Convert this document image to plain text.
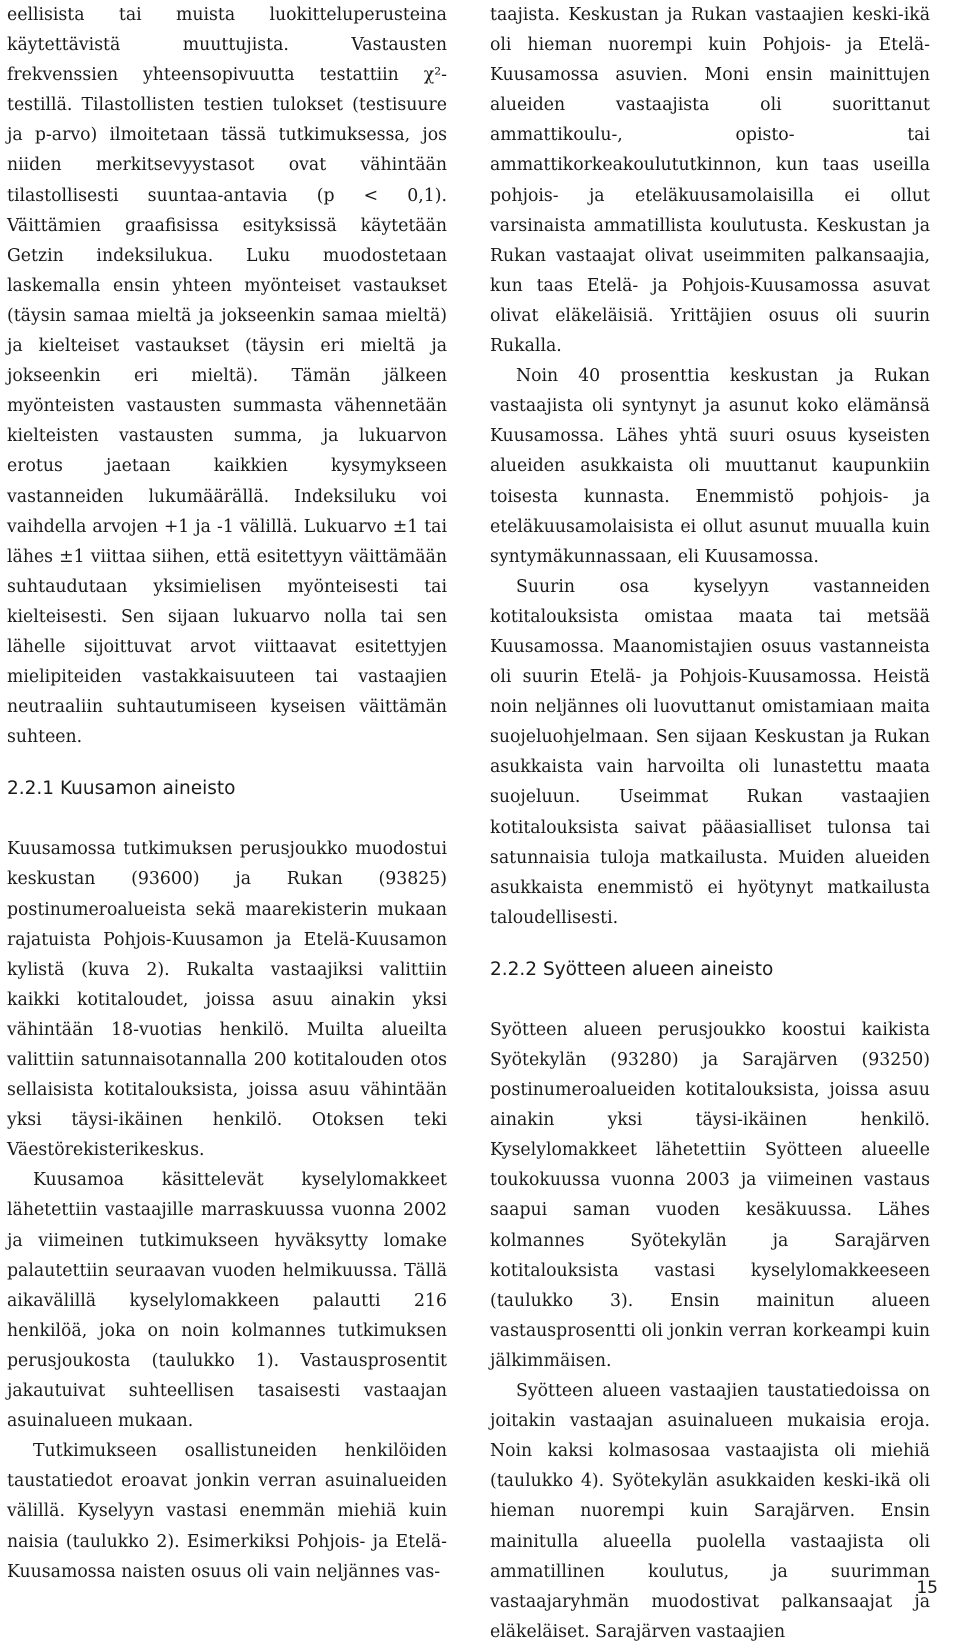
eellisista tai muista luokitteluperusteina käytettävistä muuttujista. Vastausten frekvenssien yhteensopivuutta testattiin χ²-testillä. Tilastollisten testien tulokset (testisuure ja p-arvo) ilmoitetaan tässä tutkimuksessa, jos niiden merkitsevyystasot ovat vähintään tilastollisesti suuntaa-antavia (p < 0,1). Väittämien graafisissa esityksissä käytetään Getzin indeksilukua. Luku muodostetaan laskemalla ensin yhteen myönteiset vastaukset (täysin samaa mieltä ja jokseenkin samaa mieltä) ja kielteiset vastaukset (täysin eri mieltä ja jokseenkin eri mieltä). Tämän jälkeen myönteisten vastausten summasta vähennetään kielteisten vastausten summa, ja lukuarvon erotus jaetaan kaikkien kysymykseen vastanneiden lukumäärällä. Indeksiluku voi vaihdella arvojen +1 ja -1 välillä. Lukuarvo ±1 tai lähes ±1 viittaa siihen, että esitettyyn väittämään suhtaudutaan yksimielisen myönteisesti tai kielteisesti. Sen sijaan lukuarvo nolla tai sen lähelle sijoittuvat arvot viittaavat esitettyjen mielipiteiden vastakkaisuuteen tai vastaajien neutraaliin suhtautumiseen kyseisen väittämän suhteen.

2.2.1 Kuusamon aineisto

Kuusamossa tutkimuksen perusjoukko muodostui keskustan (93600) ja Rukan (93825) postinumeroalueista sekä maarekisterin mukaan rajatuista Pohjois-Kuusamon ja Etelä-Kuusamon kylistä (kuva 2). Rukalta vastaajiksi valittiin kaikki kotitaloudet, joissa asuu ainakin yksi vähintään 18-vuotias henkilö. Muilta alueilta valittiin satunnaisotannalla 200 kotitalouden otos sellaisista kotitalouksista, joissa asuu vähintään yksi täysi-ikäinen henkilö. Otoksen teki Väestörekisterikeskus.

Kuusamoa käsittelevät kyselylomakkeet lähetettiin vastaajille marraskuussa vuonna 2002 ja viimeinen tutkimukseen hyväksytty lomake palautettiin seuraavan vuoden helmikuussa. Tällä aikavälillä kyselylomakkeen palautti 216 henkilöä, joka on noin kolmannes tutkimuksen perusjoukosta (taulukko 1). Vastausprosentit jakautuivat suhteellisen tasaisesti vastaajan asuinalueen mukaan.

Tutkimukseen osallistuneiden henkilöiden taustatiedot eroavat jonkin verran asuinalueiden välillä. Kyselyyn vastasi enemmän miehiä kuin naisia (taulukko 2). Esimerkiksi Pohjois- ja Etelä-Kuusamossa naisten osuus oli vain neljännes vas-

taajista. Keskustan ja Rukan vastaajien keski-ikä oli hieman nuorempi kuin Pohjois- ja Etelä-Kuusamossa asuvien. Moni ensin mainittujen alueiden vastaajista oli suorittanut ammattikoulu-, opisto- tai ammattikorkeakoulututkinnon, kun taas useilla pohjois- ja eteläkuusamolaisilla ei ollut varsinaista ammatillista koulutusta. Keskustan ja Rukan vastaajat olivat useimmiten palkansaajia, kun taas Etelä- ja Pohjois-Kuusamossa asuvat olivat eläkeläisiä. Yrittäjien osuus oli suurin Rukalla.

Noin 40 prosenttia keskustan ja Rukan vastaajista oli syntynyt ja asunut koko elämänsä Kuusamossa. Lähes yhtä suuri osuus kyseisten alueiden asukkaista oli muuttanut kaupunkiin toisesta kunnasta. Enemmistö pohjois- ja eteläkuusamolaisista ei ollut asunut muualla kuin syntymäkunnassaan, eli Kuusamossa.

Suurin osa kyselyyn vastanneiden kotitalouksista omistaa maata tai metsää Kuusamossa. Maanomistajien osuus vastanneista oli suurin Etelä- ja Pohjois-Kuusamossa. Heistä noin neljännes oli luovuttanut omistamiaan maita suojeluohjelmaan. Sen sijaan Keskustan ja Rukan asukkaista vain harvoilta oli lunastettu maata suojeluun. Useimmat Rukan vastaajien kotitalouksista saivat pääasialliset tulonsa tai satunnaisia tuloja matkailusta. Muiden alueiden asukkaista enemmistö ei hyötynyt matkailusta taloudellisesti.

2.2.2 Syötteen alueen aineisto

Syötteen alueen perusjoukko koostui kaikista Syötekylän (93280) ja Sarajärven (93250) postinumeroalueiden kotitalouksista, joissa asuu ainakin yksi täysi-ikäinen henkilö. Kyselylomakkeet lähetettiin Syötteen alueelle toukokuussa vuonna 2003 ja viimeinen vastaus saapui saman vuoden kesäkuussa. Lähes kolmannes Syötekylän ja Sarajärven kotitalouksista vastasi kyselylomakkeeseen (taulukko 3). Ensin mainitun alueen vastausprosentti oli jonkin verran korkeampi kuin jälkimmäisen.

Syötteen alueen vastaajien taustatiedoissa on joitakin vastaajan asuinalueen mukaisia eroja. Noin kaksi kolmasosaa vastaajista oli miehiä (taulukko 4). Syötekylän asukkaiden keski-ikä oli hieman nuorempi kuin Sarajärven. Ensin mainitulla alueella puolella vastaajista oli ammatillinen koulutus, ja suurimman vastaajaryhmän muodostivat palkansaajat ja eläkeläiset. Sarajärven vastaajien

15
